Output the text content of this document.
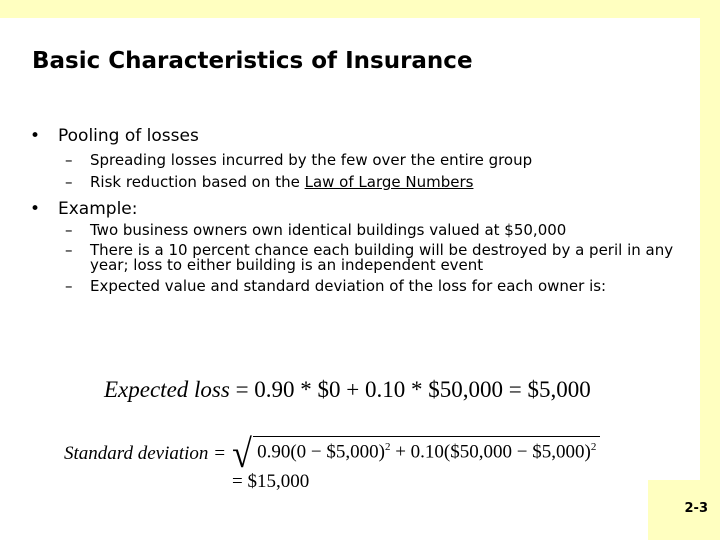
2-3
Basic Characteristics of Insurance
•	Pooling of losses
–	Spreading losses incurred by the few over the entire group
–	Risk reduction based on the Law of Large Numbers
•	Example:
–	Two business owners own identical buildings valued at $50,000
–	There is a 10 percent chance each building will be destroyed by a peril in any year; loss to either building is an independent event
–	Expected value and standard deviation of the loss for each owner is:
Expected loss = 0.90 * $0 + 0.10 * $50,000 = $5,000
Standard deviation = √ 0.90(0 − $5,000)$^2$ + 0.10($50,000 − $5,000)$^2$
= $15,000
